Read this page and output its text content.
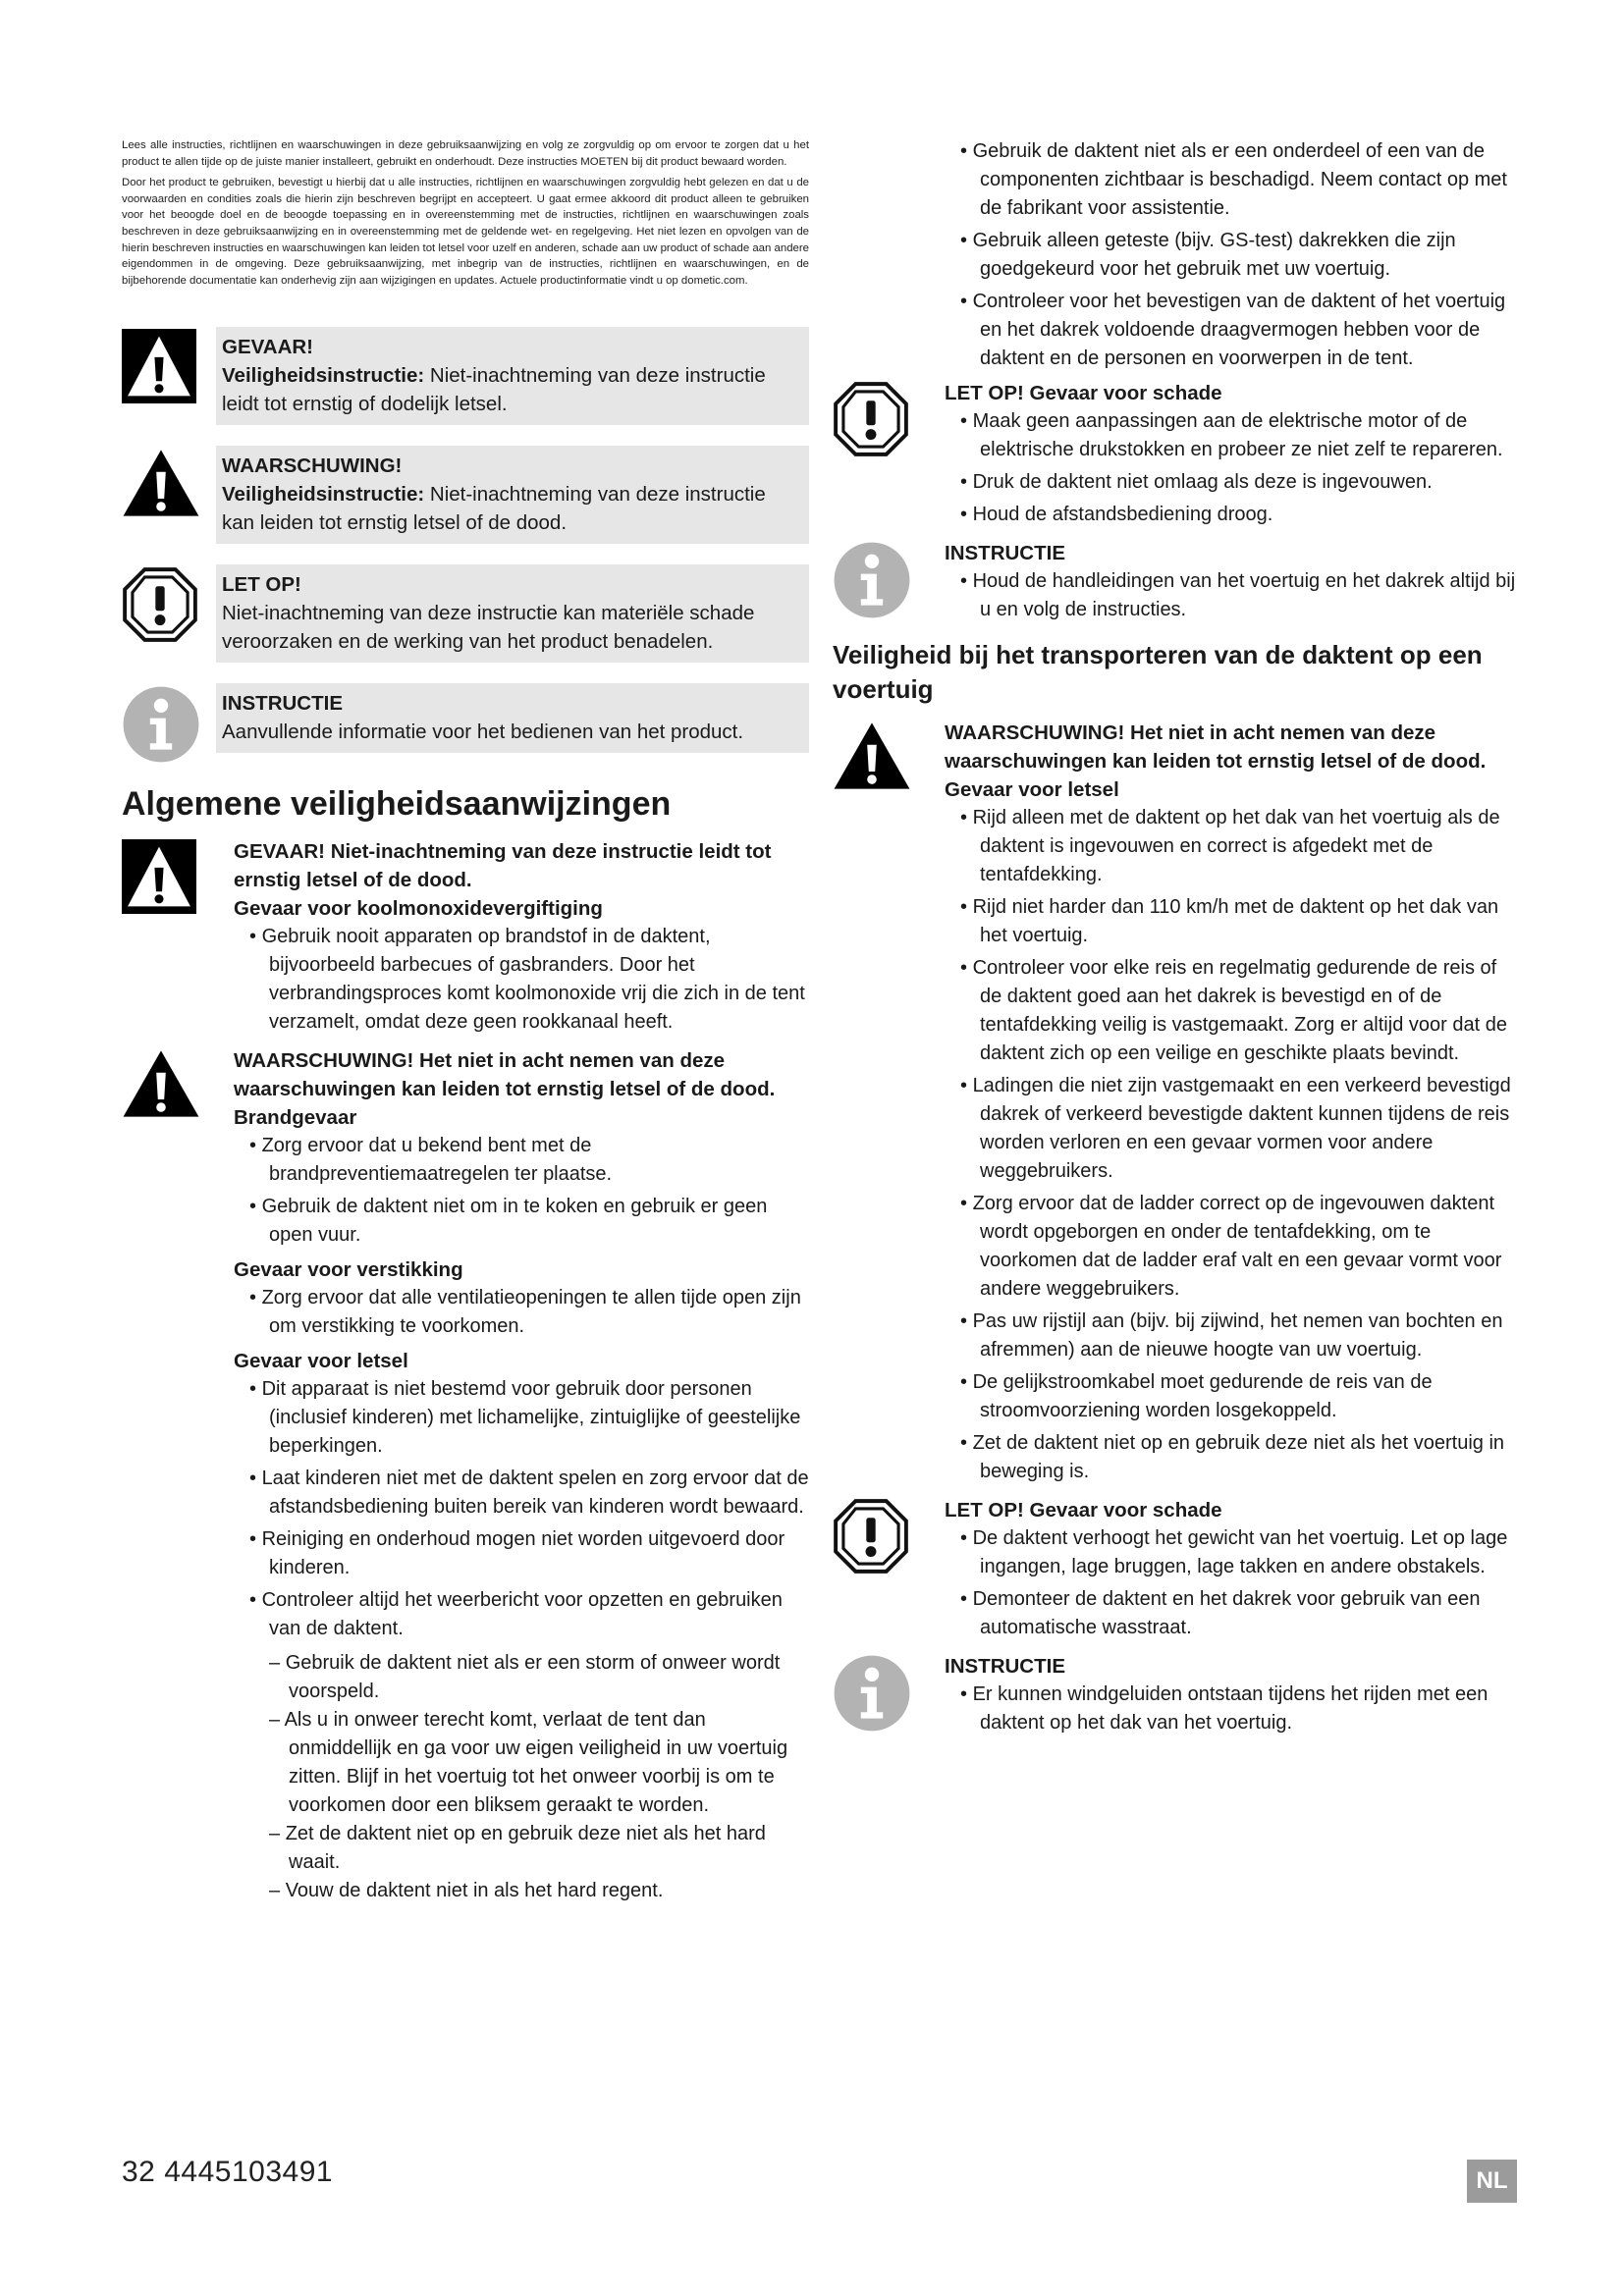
Lees alle instructies, richtlijnen en waarschuwingen in deze gebruiksaanwijzing en volg ze zorgvuldig op om ervoor te zorgen dat u het product te allen tijde op de juiste manier installeert, gebruikt en onderhoudt. Deze instructies MOETEN bij dit product bewaard worden.

Door het product te gebruiken, bevestigt u hierbij dat u alle instructies, richtlijnen en waarschuwingen zorgvuldig hebt gelezen en dat u de voorwaarden en condities zoals die hierin zijn beschreven begrijpt en accepteert. U gaat ermee akkoord dit product alleen te gebruiken voor het beoogde doel en de beoogde toepassing en in overeenstemming met de instructies, richtlijnen en waarschuwingen zoals beschreven in deze gebruiksaanwijzing en in overeenstemming met de geldende wet- en regelgeving. Het niet lezen en opvolgen van de hierin beschreven instructies en waarschuwingen kan leiden tot letsel voor uzelf en anderen, schade aan uw product of schade aan andere eigendommen in de omgeving. Deze gebruiksaanwijzing, met inbegrip van de instructies, richtlijnen en waarschuwingen, en de bijbehorende documentatie kan onderhevig zijn aan wijzigingen en updates. Actuele productinformatie vindt u op dometic.com.

GEVAAR!
Veiligheidsinstructie: Niet-inachtneming van deze instructie leidt tot ernstig of dodelijk letsel.
WAARSCHUWING!
Veiligheidsinstructie: Niet-inachtneming van deze instructie kan leiden tot ernstig letsel of de dood.
LET OP!
Niet-inachtneming van deze instructie kan materiële schade veroorzaken en de werking van het product benadelen.
INSTRUCTIE
Aanvullende informatie voor het bedienen van het product.
Algemene veiligheidsaanwijzingen
GEVAAR! Niet-inachtneming van deze instructie leidt tot ernstig letsel of de dood.
Gevaar voor koolmonoxidevergiftiging
• Gebruik nooit apparaten op brandstof in de daktent, bijvoorbeeld barbecues of gasbranders. Door het verbrandingsproces komt koolmonoxide vrij die zich in de tent verzamelt, omdat deze geen rookkanaal heeft.
WAARSCHUWING! Het niet in acht nemen van deze waarschuwingen kan leiden tot ernstig letsel of de dood.
Brandgevaar
• Zorg ervoor dat u bekend bent met de brandpreventiemaatregelen ter plaatse.
• Gebruik de daktent niet om in te koken en gebruik er geen open vuur.
Gevaar voor verstikking
• Zorg ervoor dat alle ventilatieopeningen te allen tijde open zijn om verstikking te voorkomen.
Gevaar voor letsel
• Dit apparaat is niet bestemd voor gebruik door personen (inclusief kinderen) met lichamelijke, zintuiglijke of geestelijke beperkingen.
• Laat kinderen niet met de daktent spelen en zorg ervoor dat de afstandsbediening buiten bereik van kinderen wordt bewaard.
• Reiniging en onderhoud mogen niet worden uitgevoerd door kinderen.
• Controleer altijd het weerbericht voor opzetten en gebruiken van de daktent.
– Gebruik de daktent niet als er een storm of onweer wordt voorspeld.
– Als u in onweer terecht komt, verlaat de tent dan onmiddellijk en ga voor uw eigen veiligheid in uw voertuig zitten. Blijf in het voertuig tot het onweer voorbij is om te voorkomen door een bliksem geraakt te worden.
– Zet de daktent niet op en gebruik deze niet als het hard waait.
– Vouw de daktent niet in als het hard regent.
• Gebruik de daktent niet als er een onderdeel of een van de componenten zichtbaar is beschadigd. Neem contact op met de fabrikant voor assistentie.
• Gebruik alleen geteste (bijv. GS-test) dakrekken die zijn goedgekeurd voor het gebruik met uw voertuig.
• Controleer voor het bevestigen van de daktent of het voertuig en het dakrek voldoende draagvermogen hebben voor de daktent en de personen en voorwerpen in de tent.
LET OP! Gevaar voor schade
• Maak geen aanpassingen aan de elektrische motor of de elektrische drukstokken en probeer ze niet zelf te repareren.
• Druk de daktent niet omlaag als deze is ingevouwen.
• Houd de afstandsbediening droog.
INSTRUCTIE
• Houd de handleidingen van het voertuig en het dakrek altijd bij u en volg de instructies.
Veiligheid bij het transporteren van de daktent op een voertuig
WAARSCHUWING! Het niet in acht nemen van deze waarschuwingen kan leiden tot ernstig letsel of de dood.
Gevaar voor letsel
• Rijd alleen met de daktent op het dak van het voertuig als de daktent is ingevouwen en correct is afgedekt met de tentafdekking.
• Rijd niet harder dan 110 km/h met de daktent op het dak van het voertuig.
• Controleer voor elke reis en regelmatig gedurende de reis of de daktent goed aan het dakrek is bevestigd en of de tentafdekking veilig is vastgemaakt. Zorg er altijd voor dat de daktent zich op een veilige en geschikte plaats bevindt.
• Ladingen die niet zijn vastgemaakt en een verkeerd bevestigd dakrek of verkeerd bevestigde daktent kunnen tijdens de reis worden verloren en een gevaar vormen voor andere weggebruikers.
• Zorg ervoor dat de ladder correct op de ingevouwen daktent wordt opgeborgen en onder de tentafdekking, om te voorkomen dat de ladder eraf valt en een gevaar vormt voor andere weggebruikers.
• Pas uw rijstijl aan (bijv. bij zijwind, het nemen van bochten en afremmen) aan de nieuwe hoogte van uw voertuig.
• De gelijkstroomkabel moet gedurende de reis van de stroomvoorziening worden losgekoppeld.
• Zet de daktent niet op en gebruik deze niet als het voertuig in beweging is.
LET OP! Gevaar voor schade
• De daktent verhoogt het gewicht van het voertuig. Let op lage ingangen, lage bruggen, lage takken en andere obstakels.
• Demonteer de daktent en het dakrek voor gebruik van een automatische wasstraat.
INSTRUCTIE
• Er kunnen windgeluiden ontstaan tijdens het rijden met een daktent op het dak van het voertuig.
32 4445103491	NL
